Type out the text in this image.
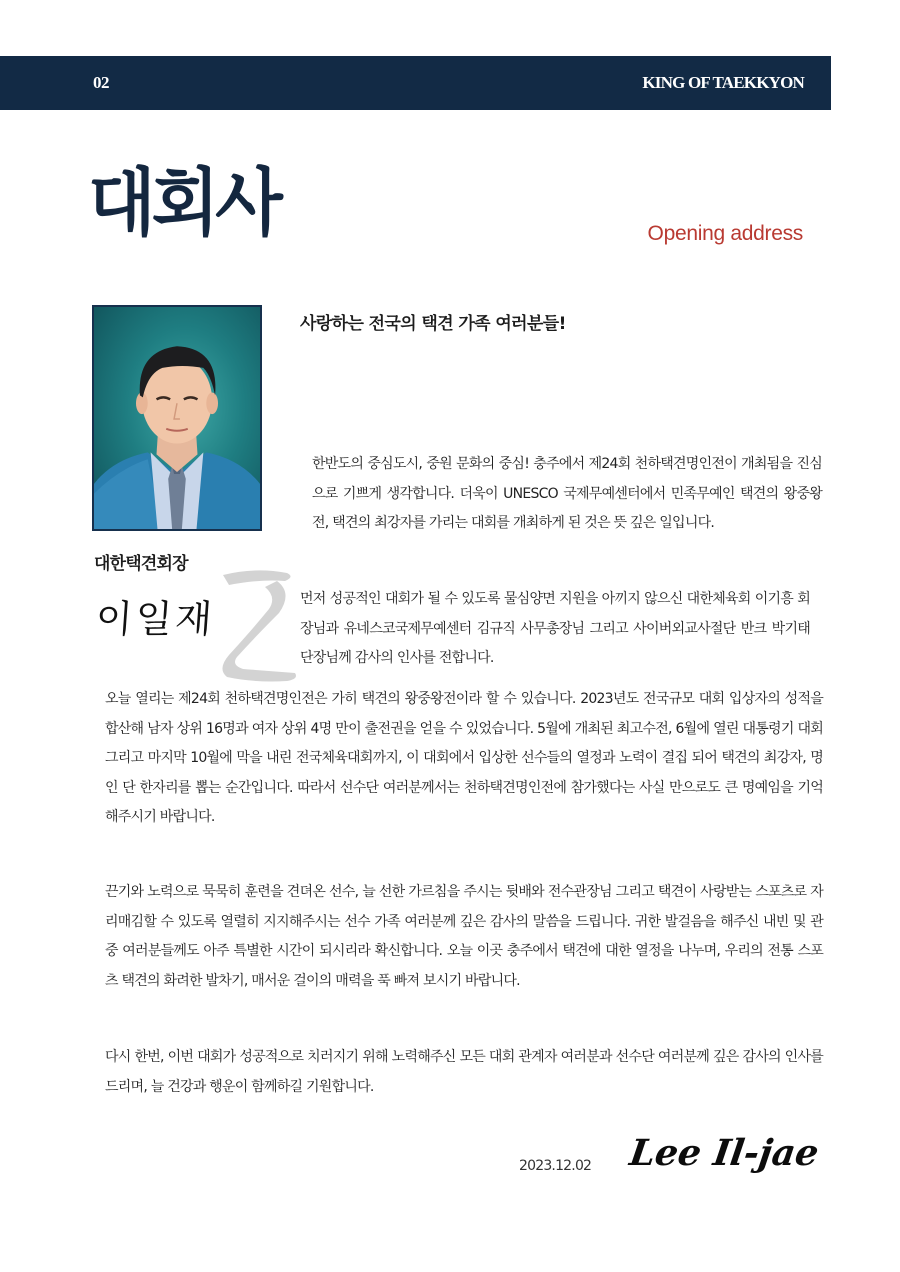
02	KING OF TAEKKYON
대회사	Opening address
사랑하는 전국의 택견 가족 여러분들!

한반도의 중심도시, 중원 문화의 중심! 충주에서 제24회 천하택견명인전이 개최됨을 진심으로 기쁘게 생각합니다. 더욱이 UNESCO 국제무예센터에서 민족무예인 택견의 왕중왕전, 택견의 최강자를 가리는 대회를 개최하게 된 것은 뜻 깊은 일입니다.

먼저 성공적인 대회가 될 수 있도록 물심양면 지원을 아끼지 않으신 대한체육회 이기흥 회장님과 유네스코국제무예센터 김규직 사무총장님 그리고 사이버외교사절단 반크 박기태 단장님께 감사의 인사를 전합니다.

대한택견회장
이일재

오늘 열리는 제24회 천하택견명인전은 가히 택견의 왕중왕전이라 할 수 있습니다. 2023년도 전국규모 대회 입상자의 성적을 합산해 남자 상위 16명과 여자 상위 4명 만이 출전권을 얻을 수 있었습니다. 5월에 개최된 최고수전, 6월에 열린 대통령기 대회 그리고 마지막 10월에 막을 내린 전국체육대회까지, 이 대회에서 입상한 선수들의 열정과 노력이 결집 되어 택견의 최강자, 명인 단 한자리를 뽑는 순간입니다. 따라서 선수단 여러분께서는 천하택견명인전에 참가했다는 사실 만으로도 큰 명예임을 기억해주시기 바랍니다.

끈기와 노력으로 묵묵히 훈련을 견뎌온 선수, 늘 선한 가르침을 주시는 뒷배와 전수관장님 그리고 택견이 사랑받는 스포츠로 자리매김할 수 있도록 열렬히 지지해주시는 선수 가족 여러분께 깊은 감사의 말씀을 드립니다. 귀한 발걸음을 해주신 내빈 및 관중 여러분들께도 아주 특별한 시간이 되시리라 확신합니다. 오늘 이곳 충주에서 택견에 대한 열정을 나누며, 우리의 전통 스포츠 택견의 화려한 발차기, 매서운 걸이의 매력을 푹 빠져 보시기 바랍니다.

다시 한번, 이번 대회가 성공적으로 치러지기 위해 노력해주신 모든 대회 관계자 여러분과 선수단 여러분께 깊은 감사의 인사를 드리며, 늘 건강과 행운이 함께하길 기원합니다.

2023.12.02 Lee Il-jae
